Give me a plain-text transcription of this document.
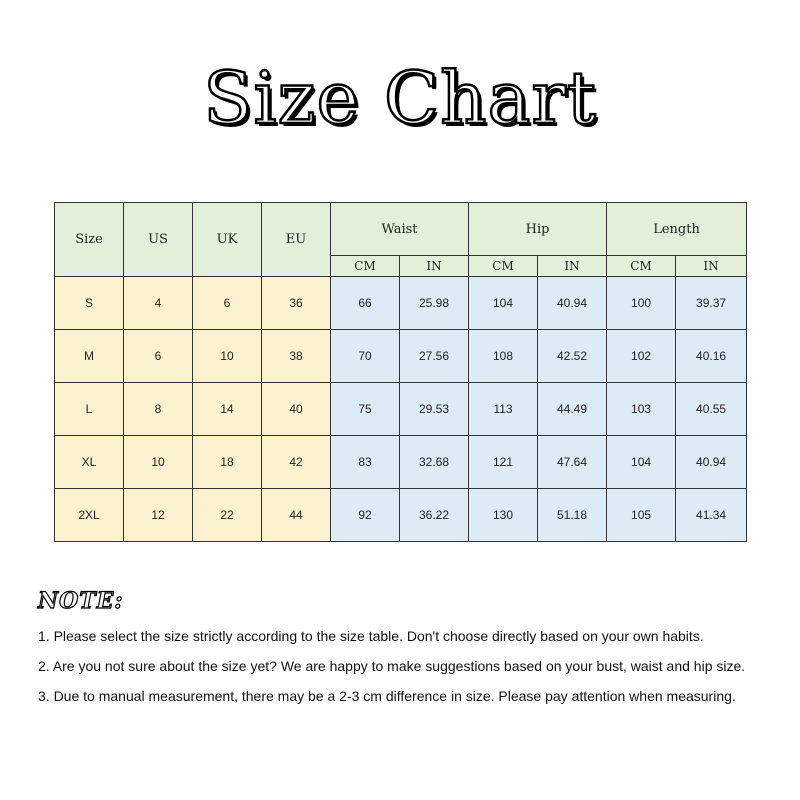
Size Chart
Size	US	UK	EU	Waist		Hip		Length	
				CM	IN	CM	IN	CM	IN
S	4	6	36	66	25.98	104	40.94	100	39.37
M	6	10	38	70	27.56	108	42.52	102	40.16
L	8	14	40	75	29.53	113	44.49	103	40.55
XL	10	18	42	83	32.68	121	47.64	104	40.94
2XL	12	22	44	92	36.22	130	51.18	105	41.34
NOTE:
1. Please select the size strictly according to the size table. Don't choose directly based on your own habits.
2. Are you not sure about the size yet? We are happy to make suggestions based on your bust, waist and hip size.
3. Due to manual measurement, there may be a 2-3 cm difference in size. Please pay attention when measuring.
